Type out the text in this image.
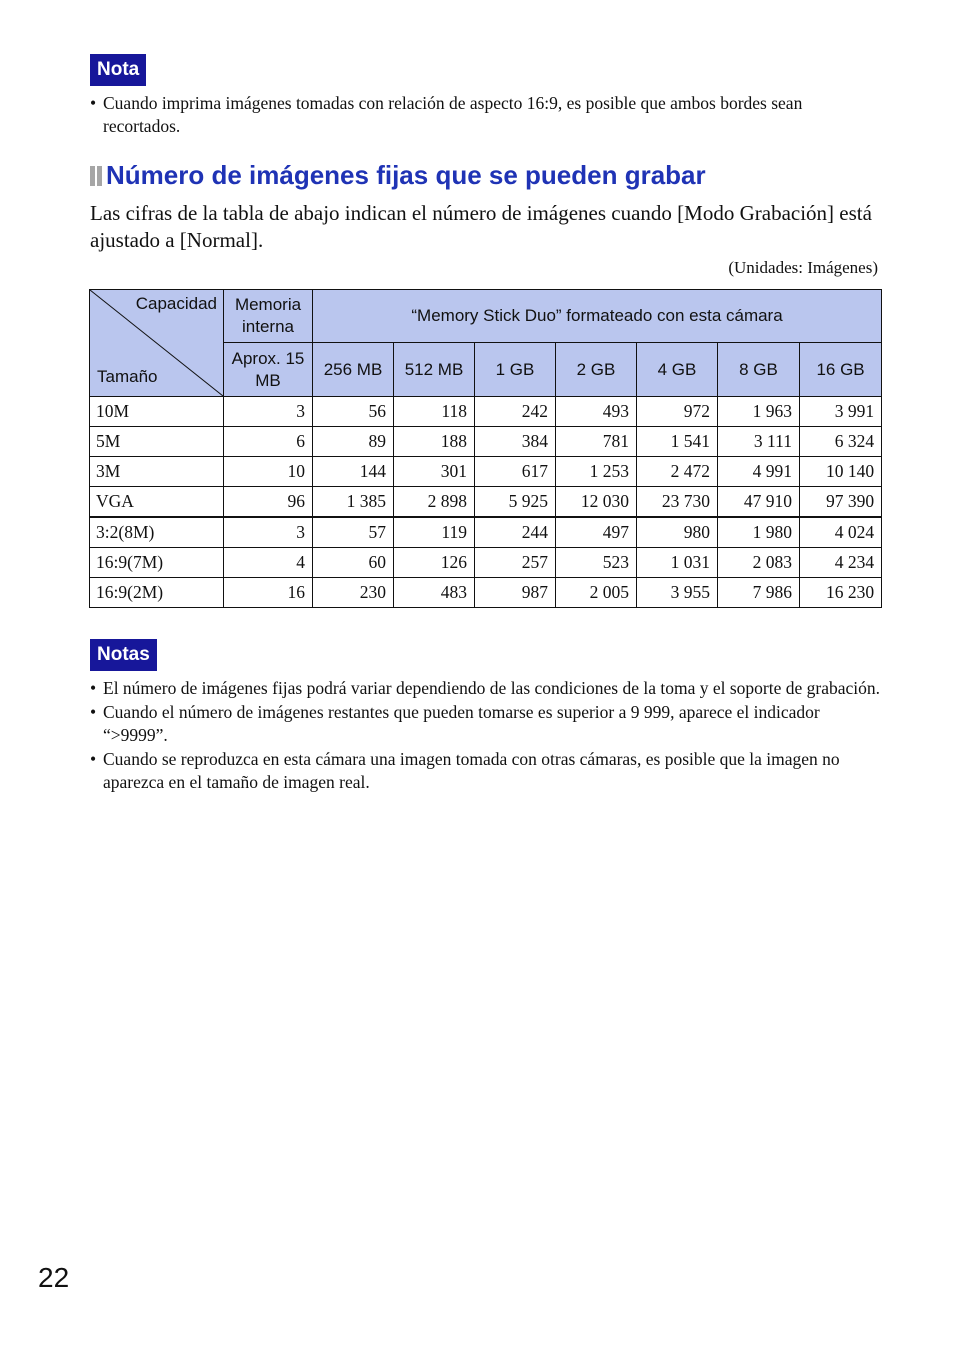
Nota
• Cuando imprima imágenes tomadas con relación de aspecto 16:9, es posible que ambos bordes sean recortados.
Número de imágenes fijas que se pueden grabar

Las cifras de la tabla de abajo indican el número de imágenes cuando [Modo Grabación] está ajustado a [Normal].

(Unidades: Imágenes)
Capacidad
Tamaño	Memoria interna	“Memory Stick Duo” formateado con esta cámara						
	Aprox. 15 MB	256 MB	512 MB	1 GB	2 GB	4 GB	8 GB	16 GB
10M	3	56	118	242	493	972	1 963	3 991
5M	6	89	188	384	781	1 541	3 111	6 324
3M	10	144	301	617	1 253	2 472	4 991	10 140
VGA	96	1 385	2 898	5 925	12 030	23 730	47 910	97 390
3:2(8M)	3	57	119	244	497	980	1 980	4 024
16:9(7M)	4	60	126	257	523	1 031	2 083	4 234
16:9(2M)	16	230	483	987	2 005	3 955	7 986	16 230
Notas
• El número de imágenes fijas podrá variar dependiendo de las condiciones de la toma y el soporte de grabación.
• Cuando el número de imágenes restantes que pueden tomarse es superior a 9 999, aparece el indicador “>9999”.
• Cuando se reproduzca en esta cámara una imagen tomada con otras cámaras, es posible que la imagen no aparezca en el tamaño de imagen real.
22
